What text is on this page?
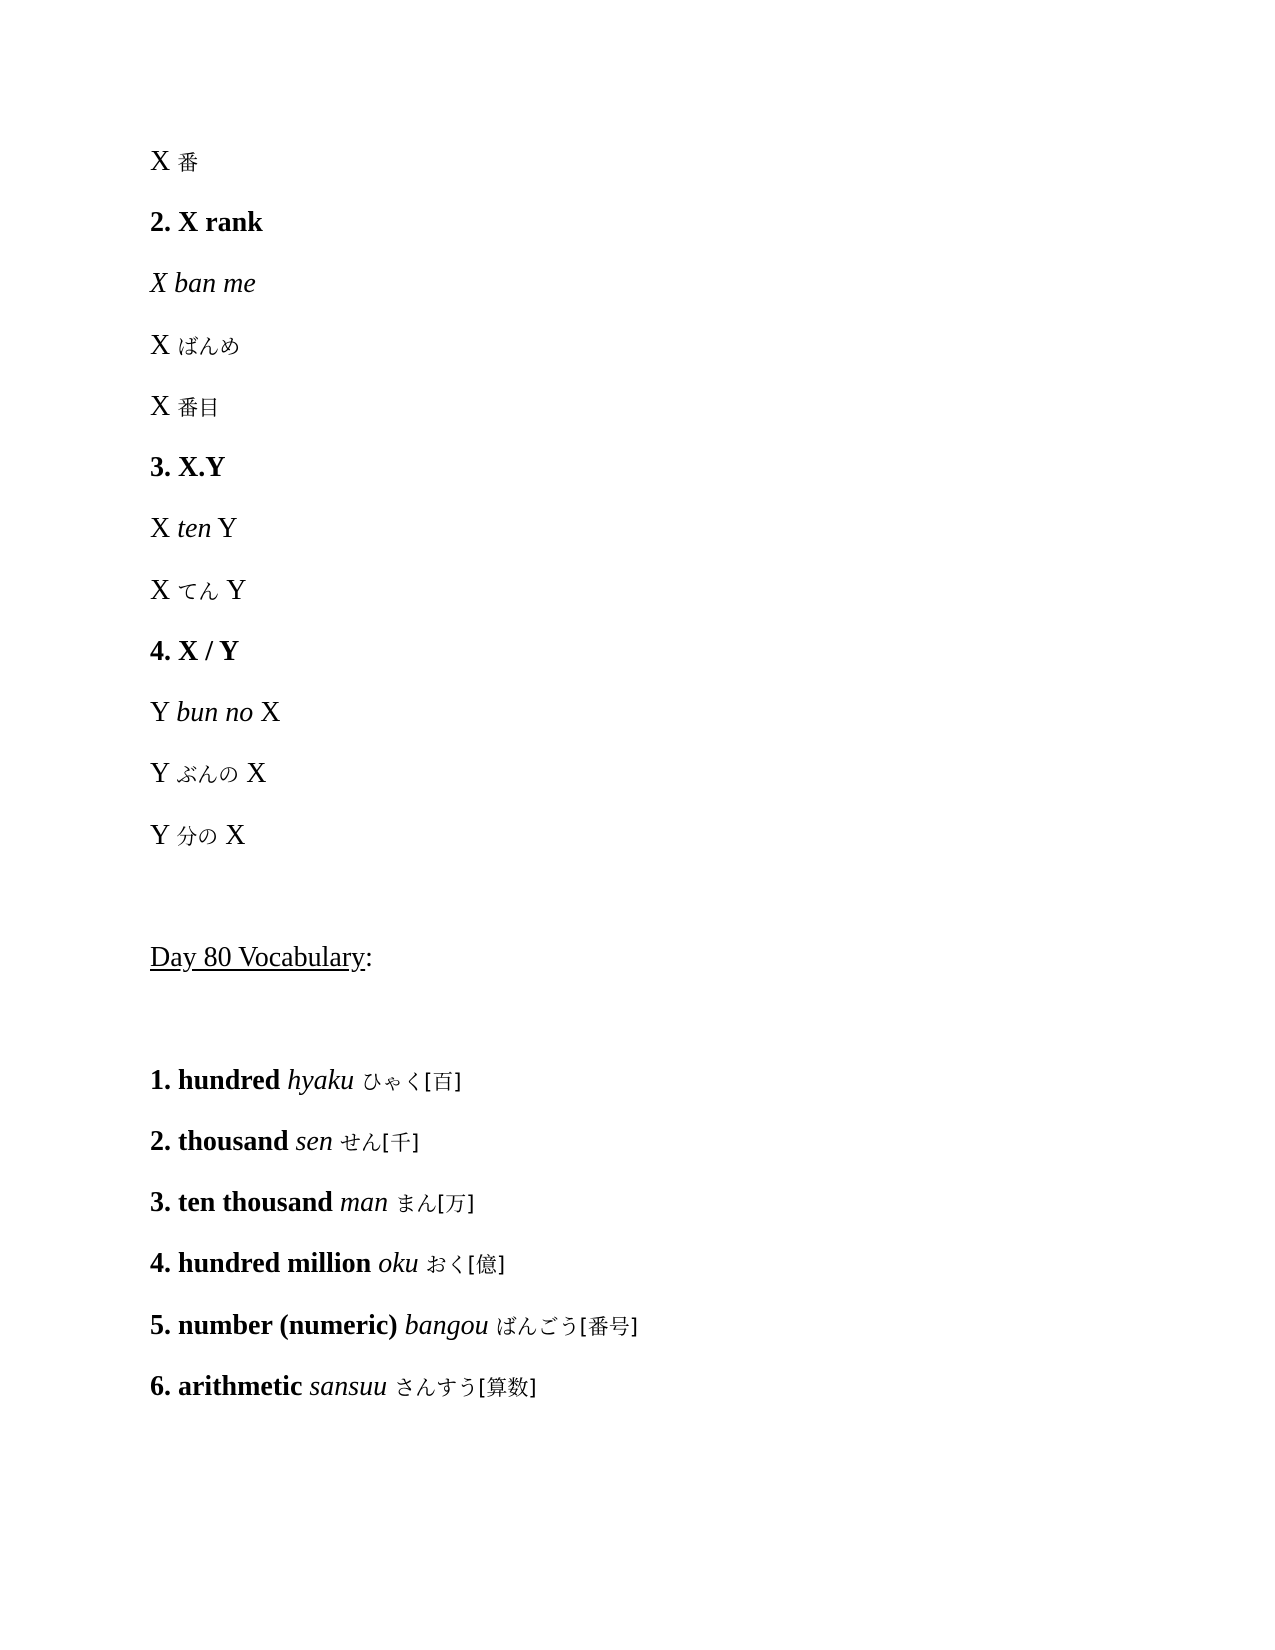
X 番
2. X rank
X ban me
X ばんめ
X 番目
3. X.Y
X ten Y
X てん Y
4. X / Y
Y bun no X
Y ぶんの X
Y 分の X
Day 80 Vocabulary:
1. hundred hyaku ひゃく[百]
2. thousand sen せん[千]
3. ten thousand man まん[万]
4. hundred million oku おく[億]
5. number (numeric) bangou ばんごう[番号]
6. arithmetic sansuu さんすう[算数]
